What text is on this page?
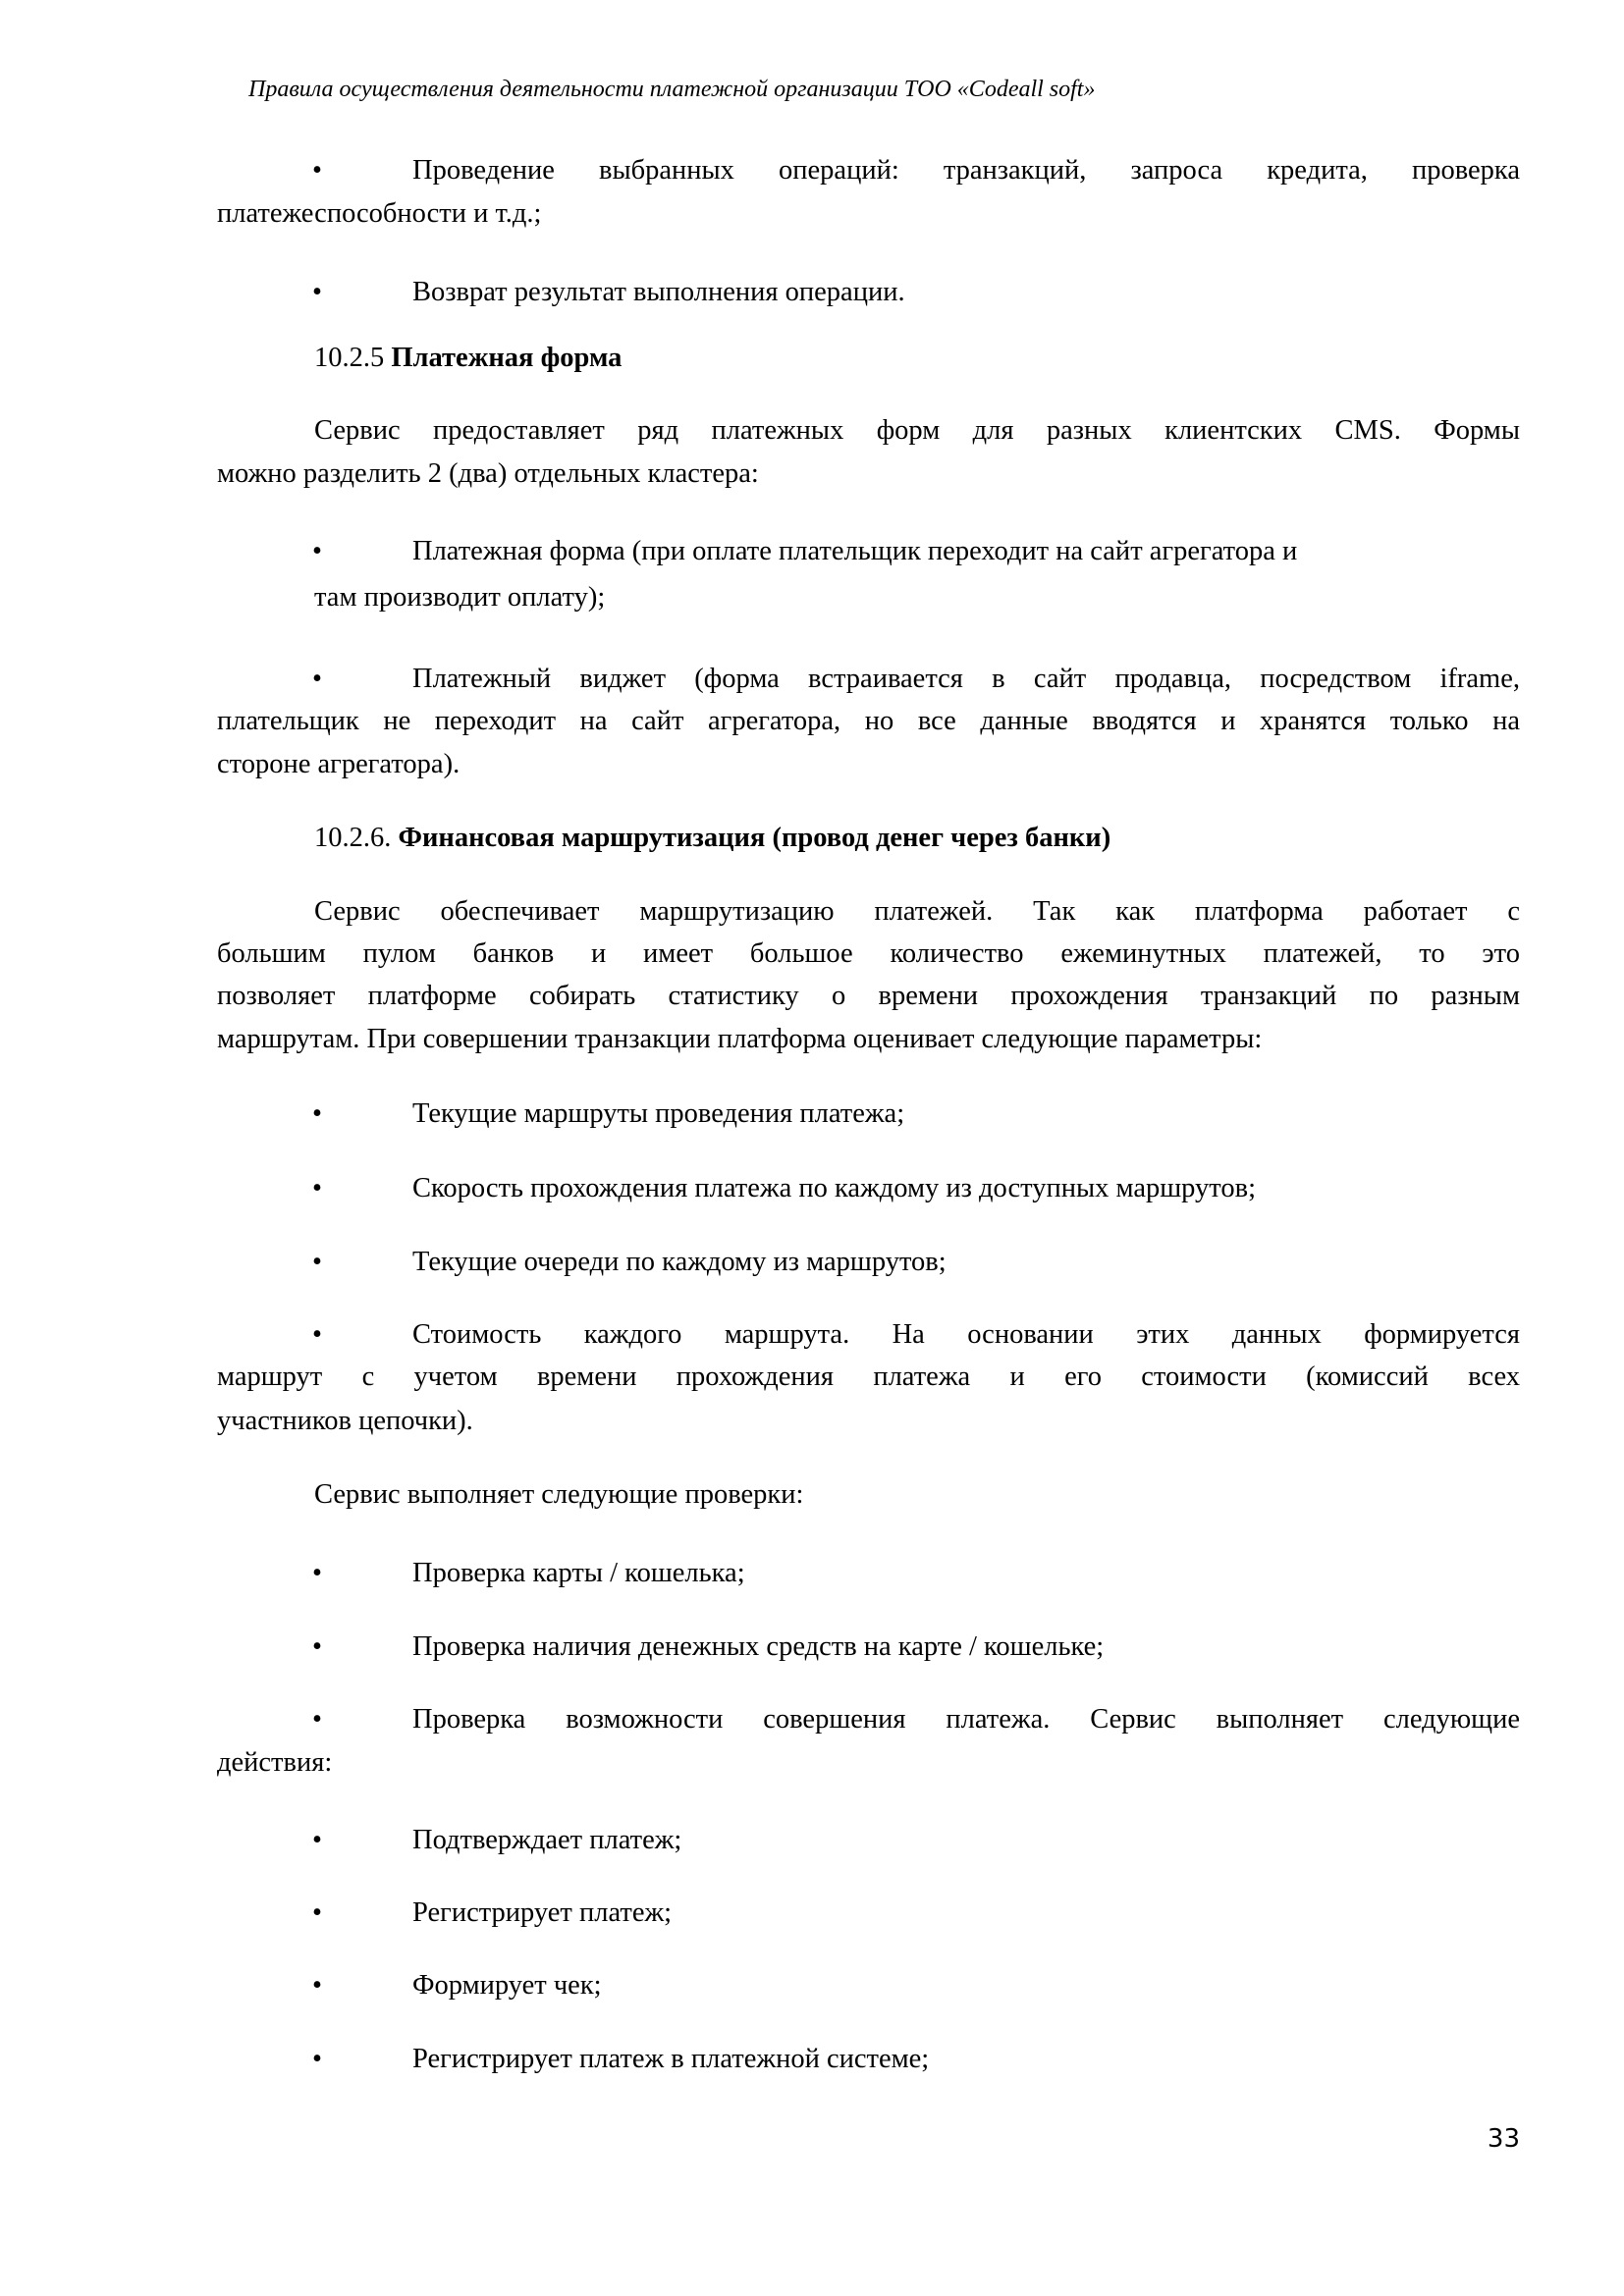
Правила осуществления деятельности платежной организации ТОО «Codeall soft»
•	Проведение выбранных операций: транзакций, запроса кредита, проверка
платежеспособности и т.д.;
•	Возврат результат выполнения операции.
10.2.5 Платежная форма
Сервис предоставляет ряд платежных форм для разных клиентских CMS. Формы
можно разделить 2 (два) отдельных кластера:
•	Платежная форма (при оплате плательщик переходит на сайт агрегатора и
там производит оплату);
•	Платежный виджет (форма встраивается в сайт продавца, посредством iframe,
плательщик не переходит на сайт агрегатора, но все данные вводятся и хранятся только на
стороне агрегатора).
10.2.6. Финансовая маршрутизация (провод денег через банки)
Сервис обеспечивает маршрутизацию платежей. Так как платформа работает с
большим пулом банков и имеет большое количество ежеминутных платежей, то это
позволяет платформе собирать статистику о времени прохождения транзакций по разным
маршрутам. При совершении транзакции платформа оценивает следующие параметры:
•	Текущие маршруты проведения платежа;
•	Скорость прохождения платежа по каждому из доступных маршрутов;
•	Текущие очереди по каждому из маршрутов;
•	Стоимость каждого маршрута. На основании этих данных формируется
маршрут с учетом времени прохождения платежа и его стоимости (комиссий всех
участников цепочки).
Сервис выполняет следующие проверки:
•	Проверка карты / кошелька;
•	Проверка наличия денежных средств на карте / кошельке;
•	Проверка возможности совершения платежа. Сервис выполняет следующие
действия:
•	Подтверждает платеж;
•	Регистрирует платеж;
•	Формирует чек;
•	Регистрирует платеж в платежной системе;
33
